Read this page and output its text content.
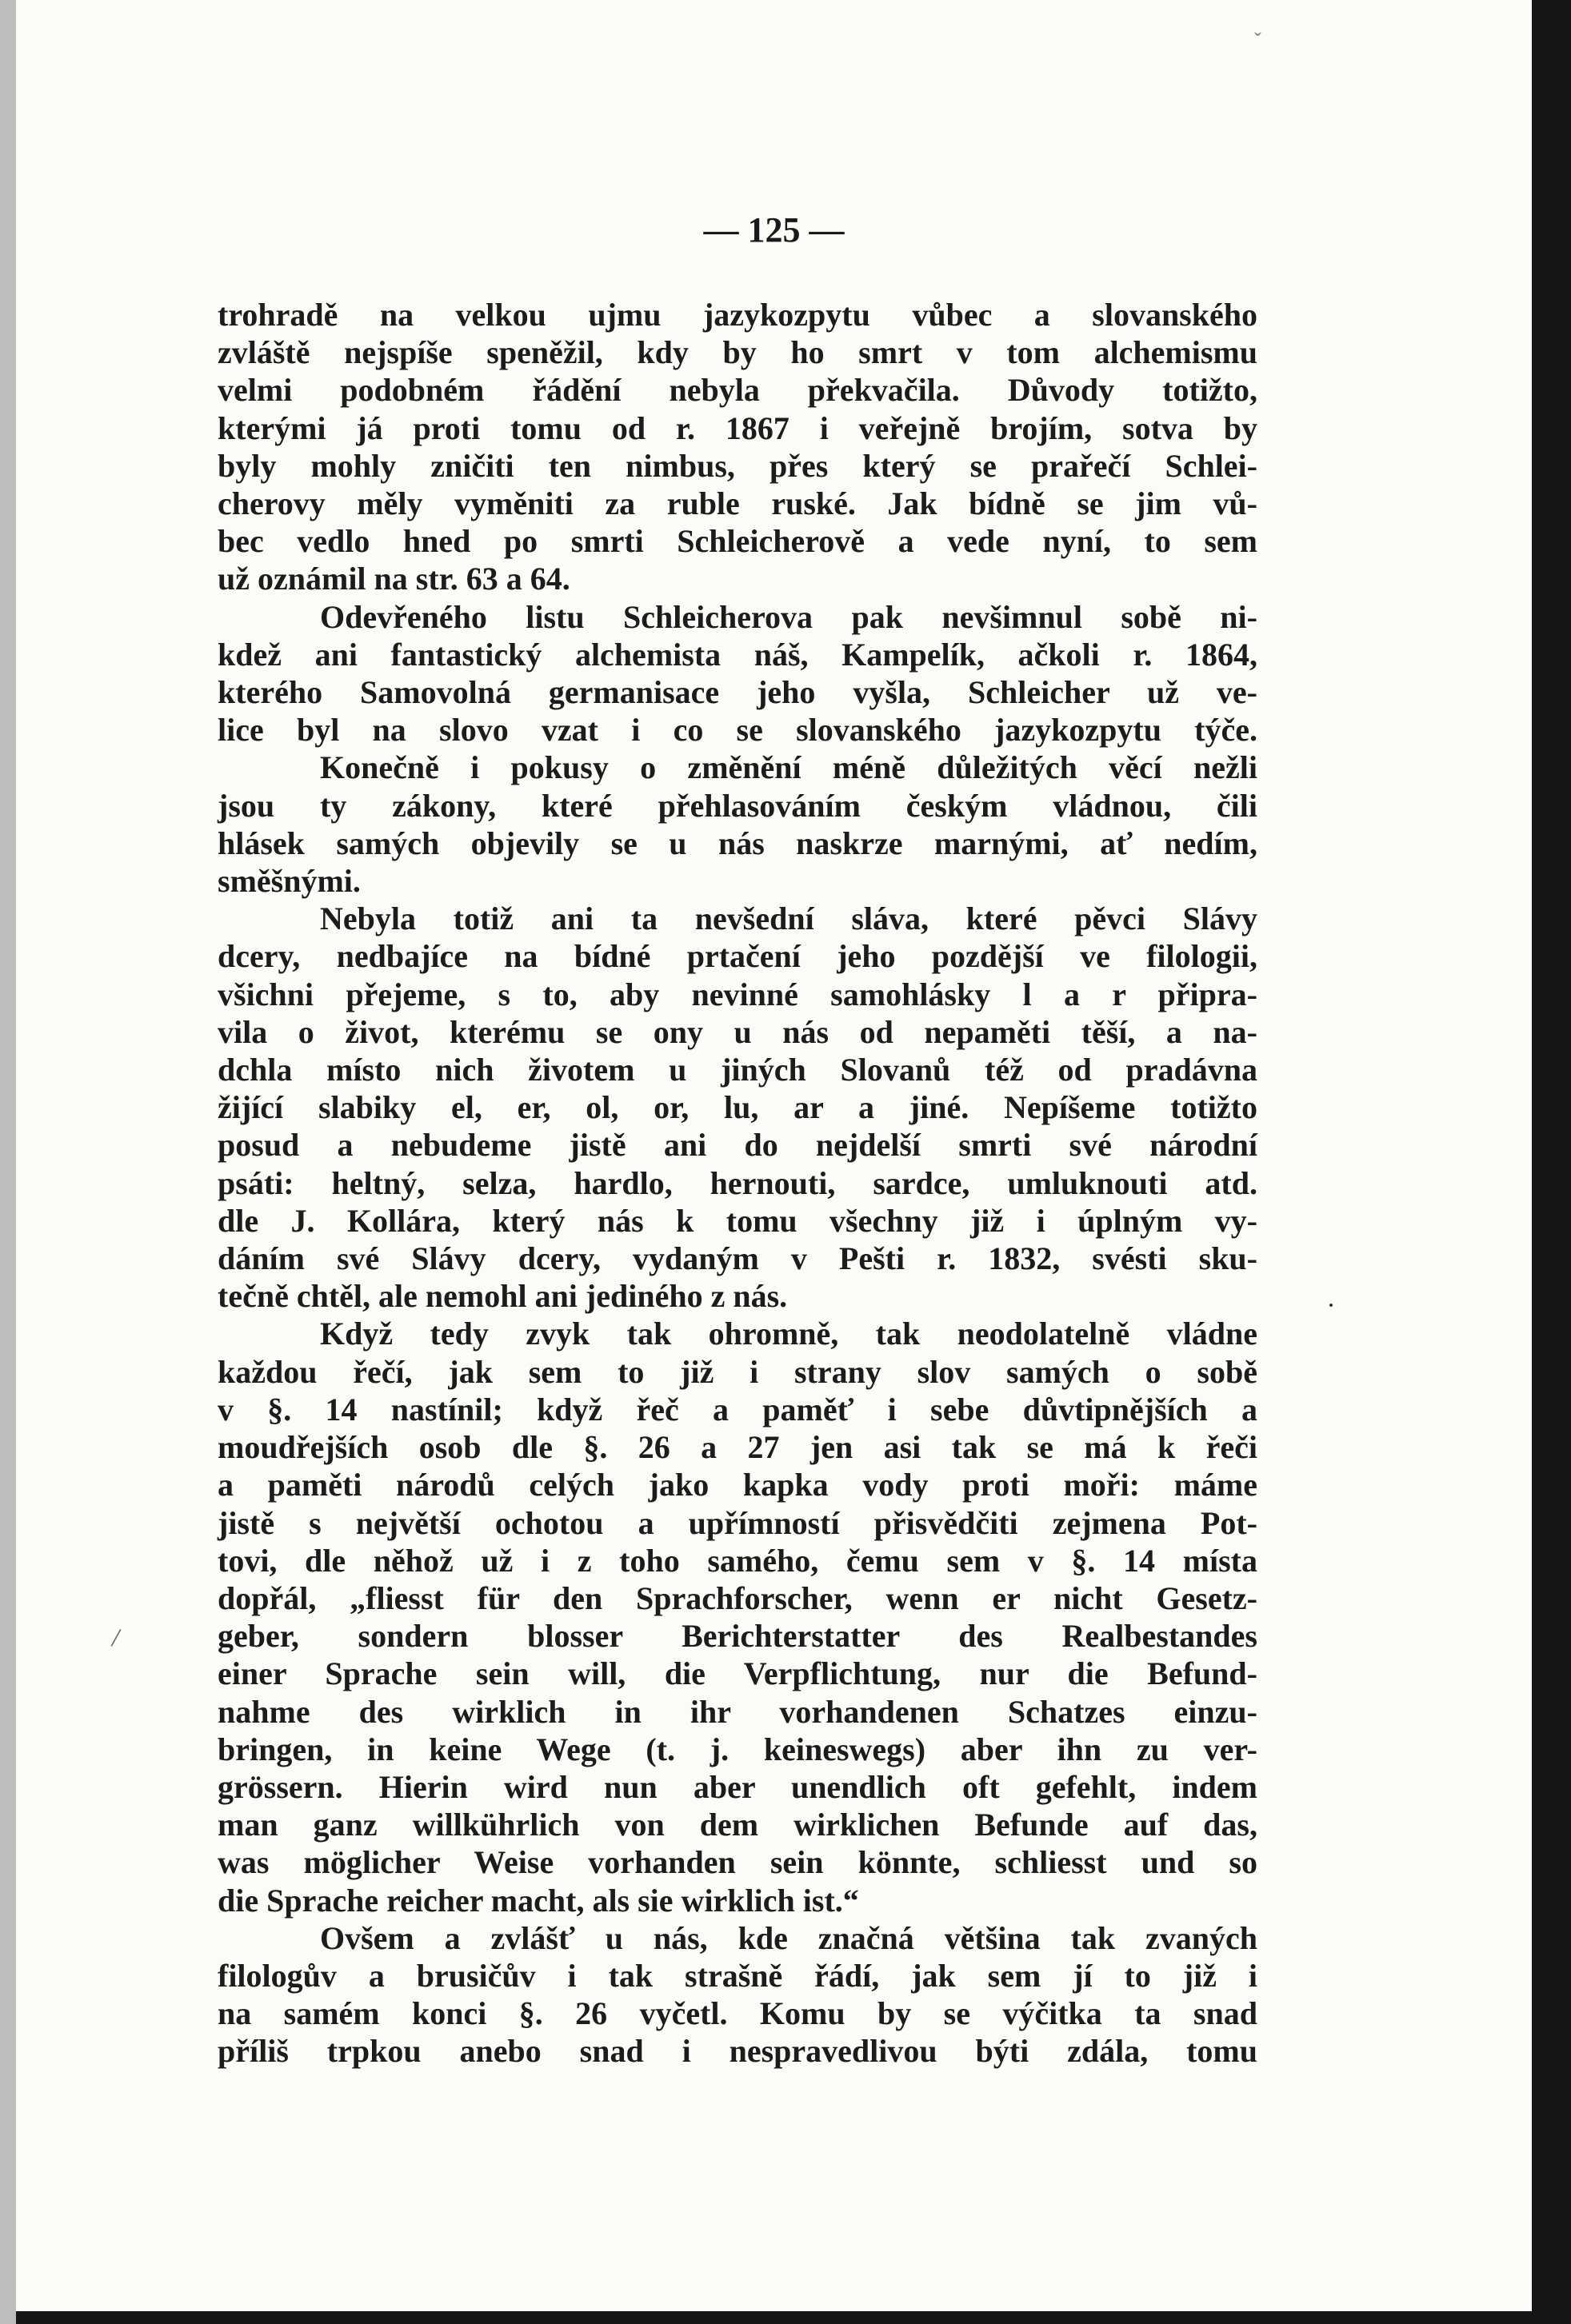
ˇ
— 125 —
trohradě na velkou ujmu jazykozpytu vůbec a slovanského
zvláště nejspíše speněžil, kdy by ho smrt v tom alchemismu
velmi podobném řádění nebyla překvačila. Důvody totižto,
kterými já proti tomu od r. 1867 i veřejně brojím, sotva by
byly mohly zničiti ten nimbus, přes který se prařečí Schlei-
cherovy měly vyměniti za ruble ruské. Jak bídně se jim vů-
bec vedlo hned po smrti Schleicherově a vede nyní, to sem
už oznámil na str. 63 a 64.
Odevřeného listu Schleicherova pak nevšimnul sobě ni-
kdež ani fantastický alchemista náš, Kampelík, ačkoli r. 1864,
kterého Samovolná germanisace jeho vyšla, Schleicher už ve-
lice byl na slovo vzat i co se slovanského jazykozpytu týče.
Konečně i pokusy o změnění méně důležitých věcí nežli
jsou ty zákony, které přehlasováním českým vládnou, čili
hlásek samých objevily se u nás naskrze marnými, ať nedím,
směšnými.
Nebyla totiž ani ta nevšední sláva, které pěvci Slávy
dcery, nedbajíce na bídné prtačení jeho pozdější ve filologii,
všichni přejeme, s to, aby nevinné samohlásky l a r připra-
vila o život, kterému se ony u nás od nepaměti těší, a na-
dchla místo nich životem u jiných Slovanů též od pradávna
žijící slabiky el, er, ol, or, lu, ar a jiné. Nepíšeme totižto
posud a nebudeme jistě ani do nejdelší smrti své národní
psáti: heltný, selza, hardlo, hernouti, sardce, umluknouti atd.
dle J. Kollára, který nás k tomu všechny již i úplným vy-
dáním své Slávy dcery, vydaným v Pešti r. 1832, svésti sku-
tečně chtěl, ale nemohl ani jediného z nás.
Když tedy zvyk tak ohromně, tak neodolatelně vládne
každou řečí, jak sem to již i strany slov samých o sobě
v §. 14 nastínil; když řeč a paměť i sebe důvtipnějších a
moudřejších osob dle §. 26 a 27 jen asi tak se má k řeči
a paměti národů celých jako kapka vody proti moři: máme
jistě s největší ochotou a upřímností přisvědčiti zejmena Pot-
tovi, dle něhož už i z toho samého, čemu sem v §. 14 místa
dopřál, „fliesst für den Sprachforscher, wenn er nicht Gesetz-
geber, sondern blosser Berichterstatter des Realbestandes
einer Sprache sein will, die Verpflichtung, nur die Befund-
nahme des wirklich in ihr vorhandenen Schatzes einzu-
bringen, in keine Wege (t. j. keineswegs) aber ihn zu ver-
grössern. Hierin wird nun aber unendlich oft gefehlt, indem
man ganz willkührlich von dem wirklichen Befunde auf das,
was möglicher Weise vorhanden sein könnte, schliesst und so
die Sprache reicher macht, als sie wirklich ist.“
Ovšem a zvlášť u nás, kde značná většina tak zvaných
filologův a brusičův i tak strašně řádí, jak sem jí to již i
na samém konci §. 26 vyčetl. Komu by se výčitka ta snad
příliš trpkou anebo snad i nespravedlivou býti zdála, tomu
/
